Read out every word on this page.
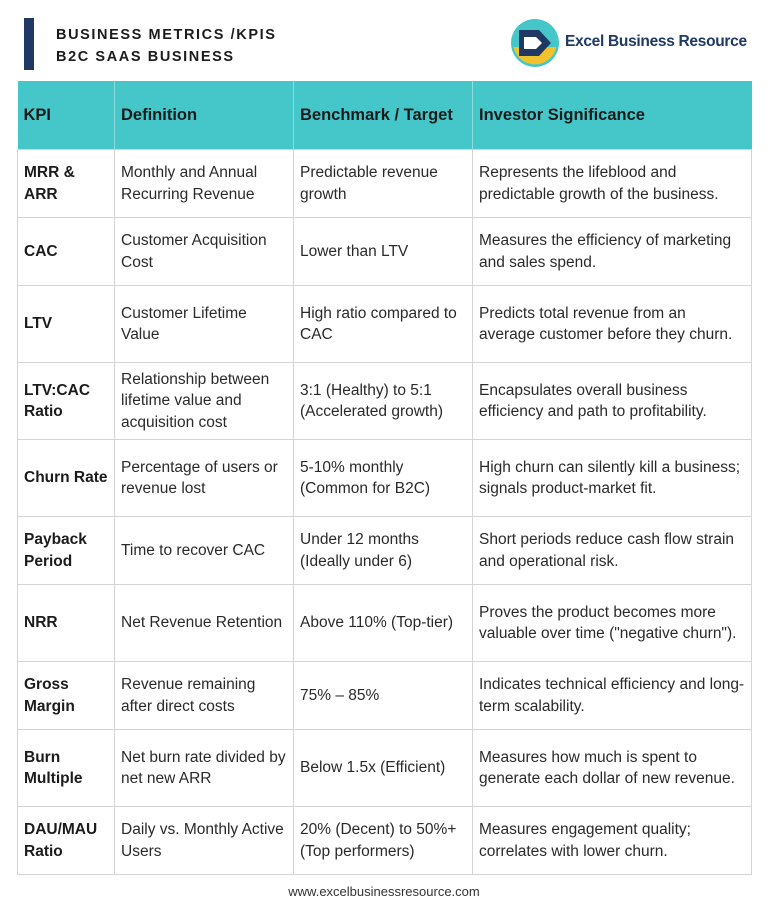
BUSINESS METRICS /KPIS
B2C SAAS BUSINESS
Excel Business Resource
KPI	Definition	Benchmark / Target	Investor Significance
MRR & ARR	Monthly and Annual Recurring Revenue	Predictable revenue growth	Represents the lifeblood and predictable growth of the business.
CAC	Customer Acquisition Cost	Lower than LTV	Measures the efficiency of marketing and sales spend.
LTV	Customer Lifetime Value	High ratio compared to CAC	Predicts total revenue from an average customer before they churn.
LTV:CAC Ratio	Relationship between lifetime value and acquisition cost	3:1 (Healthy) to 5:1 (Accelerated growth)	Encapsulates overall business efficiency and path to profitability.
Churn Rate	Percentage of users or revenue lost	5-10% monthly (Common for B2C)	High churn can silently kill a business; signals product-market fit.
Payback Period	Time to recover CAC	Under 12 months (Ideally under 6)	Short periods reduce cash flow strain and operational risk.
NRR	Net Revenue Retention	Above 110% (Top-tier)	Proves the product becomes more valuable over time ("negative churn").
Gross Margin	Revenue remaining after direct costs	75% – 85%	Indicates technical efficiency and long-term scalability.
Burn Multiple	Net burn rate divided by net new ARR	Below 1.5x (Efficient)	Measures how much is spent to generate each dollar of new revenue.
DAU/MAU Ratio	Daily vs. Monthly Active Users	20% (Decent) to 50%+ (Top performers)	Measures engagement quality; correlates with lower churn.
www.excelbusinessresource.com
